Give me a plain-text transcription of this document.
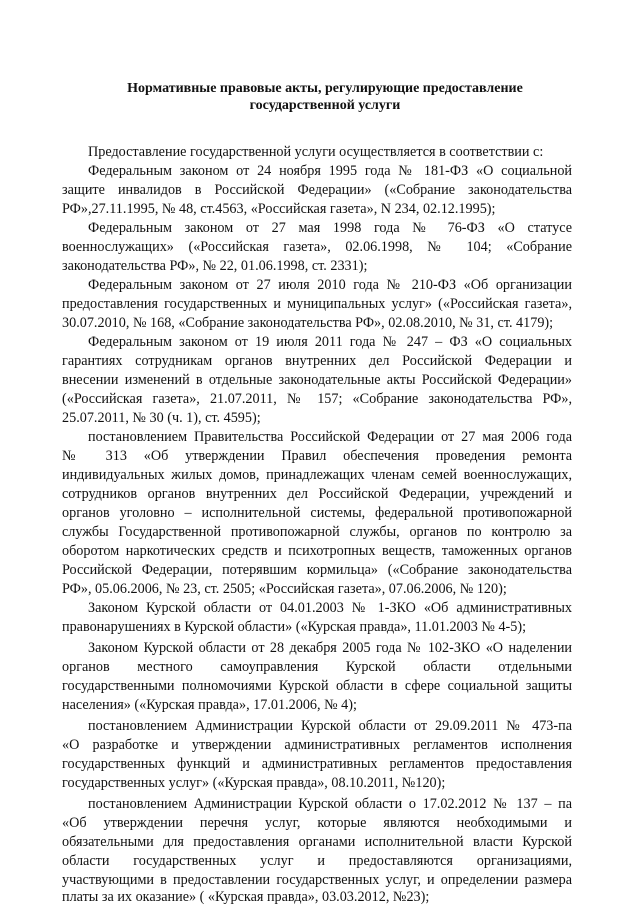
Нормативные правовые акты, регулирующие предоставление
государственной услуги
Предоставление государственной услуги осуществляется в соответствии с:
Федеральным законом от 24 ноября 1995 года № 181-ФЗ «О социальной
защите инвалидов в Российской Федерации» («Собрание законодательства
РФ»,27.11.1995, № 48, ст.4563, «Российская газета», N 234, 02.12.1995);
Федеральным законом от 27 мая 1998 года № 76-ФЗ «О статусе
военнослужащих» («Российская газета», 02.06.1998, № 104; «Собрание
законодательства РФ», № 22, 01.06.1998, ст. 2331);
Федеральным законом от 27 июля 2010 года № 210-ФЗ «Об организации
предоставления государственных и муниципальных услуг» («Российская газета»,
30.07.2010, № 168, «Собрание законодательства РФ», 02.08.2010, № 31, ст. 4179);
Федеральным законом от 19 июля 2011 года № 247 – ФЗ «О социальных
гарантиях сотрудникам органов внутренних дел Российской Федерации и
внесении изменений в отдельные законодательные акты Российской Федерации»
(«Российская газета», 21.07.2011, № 157; «Собрание законодательства РФ»,
25.07.2011, № 30 (ч. 1), ст. 4595);
постановлением Правительства Российской Федерации от 27 мая 2006 года
№ 313 «Об утверждении Правил обеспечения проведения ремонта
индивидуальных жилых домов, принадлежащих членам семей военнослужащих,
сотрудников органов внутренних дел Российской Федерации, учреждений и
органов уголовно – исполнительной системы, федеральной противопожарной
службы Государственной противопожарной службы, органов по контролю за
оборотом наркотических средств и психотропных веществ, таможенных органов
Российской Федерации, потерявшим кормильца» («Собрание законодательства
РФ», 05.06.2006, № 23, ст. 2505; «Российская газета», 07.06.2006, № 120);
Законом Курской области от 04.01.2003 № 1-ЗКО «Об административных
правонарушениях в Курской области» («Курская правда», 11.01.2003 № 4-5);
Законом Курской области от 28 декабря 2005 года № 102-ЗКО «О наделении
органов местного самоуправления Курской области отдельными
государственными полномочиями Курской области в сфере социальной защиты
населения» («Курская правда», 17.01.2006, № 4);
постановлением Администрации Курской области от 29.09.2011 № 473-па
«О разработке и утверждении административных регламентов исполнения
государственных функций и административных регламентов предоставления
государственных услуг» («Курская правда», 08.10.2011, №120);
постановлением Администрации Курской области о 17.02.2012 № 137 – па
«Об утверждении перечня услуг, которые являются необходимыми и
обязательными для предоставления органами исполнительной власти Курской
области государственных услуг и предоставляются организациями,
участвующими в предоставлении государственных услуг, и определении размера
платы за их оказание» ( «Курская правда», 03.03.2012, №23);
